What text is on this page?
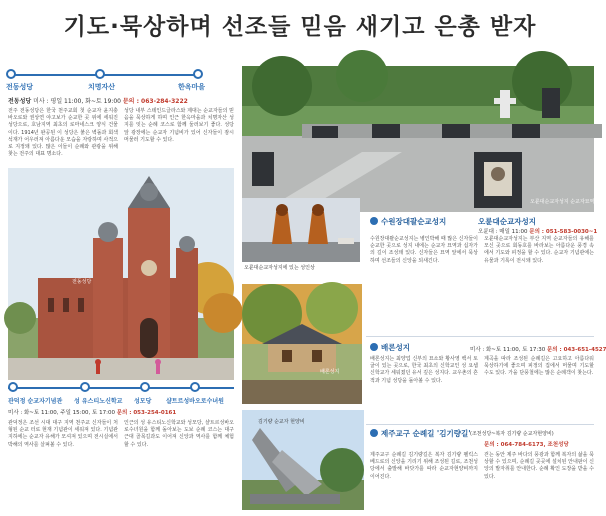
기도·묵상하며 선조들 믿음 새기고 은총 받자
전동성당	치명자산	한옥마을
전동성당 미사 : 평일 11:00, 화~토 19:00 문의 : 063-284-3222
전주 전동성당은 한국 천주교회 첫 순교자 윤지충 바오로와 권상연 야고보가 순교한 곳 위에 세워진 성당으로, 호남지역 최초의 로마네스크 양식 건물이다. 1914년 완공된 이 성당은 붉은 벽돌과 회색 석재가 어우러져 아름다운 모습을 자랑하며 사적으로 지정돼 있다. 많은 이들이 순례와 관광을 위해 찾는 전주의 대표 명소다.
성당 내부 스테인드글라스와 제대는 순교자들의 믿음을 묵상하게 하며 인근 한옥마을과 치명자산 성지를 잇는 순례 코스로 함께 둘러보기 좋다. 성당 앞 광장에는 순교자 기념비가 있어 신자들이 잠시 머물러 기도할 수 있다.
전동성당
관덕정 순교자기념관 성 유스티노신학교 성모당 샬트르성바오로수녀원
미사 : 화~토 11:00, 주일 15:00, 토 17:00 문의 : 053-254-0161
관덕정은 조선 시대 대구 지역 천주교 신자들이 처형된 순교 터로 현재 기념관이 세워져 있다. 기념관 지하에는 순교자 유해가 모셔져 있으며 전시실에서 박해의 역사를 살펴볼 수 있다.
인근의 성 유스티노신학교와 성모당, 샬트르성바오로수녀원을 함께 돌아보는 도보 순례 코스는 대구 근대 골목길과도 이어져 신앙과 역사를 함께 체험할 수 있다.
오륜대순교자성지 순교자묘역
오륜대순교자성지에 있는 성인상
수원장대괄순교성지	오륜대순교자성지
오륜대 : 매일 11:00 문의 : 051-583-0030~1
수원장대괄순교성지는 병인박해 때 많은 신자들이 순교한 곳으로 성지 내에는 순교자 묘역과 십자가의 길이 조성돼 있다. 신자들은 묘역 앞에서 묵상하며 선조들의 신앙을 되새긴다.
오륜대순교자성지는 부산 지역 순교자들의 유해를 모신 곳으로 회동호를 바라보는 아름다운 풍경 속에서 기도와 피정을 할 수 있다. 순교자 기념관에는 유물과 기록이 전시돼 있다.
배론성지
배론성지	미사 : 화~토 11:00, 토 17:30 문의 : 043-651-4527
배론성지는 최양업 신부의 묘소와 황사영 백서 토굴이 있는 곳으로, 한국 최초의 신학교인 성 요셉 신학교가 세워졌던 유서 깊은 성지다. 교우촌의 흔적과 기념 성당을 돌아볼 수 있다.
계곡을 따라 조성된 순례길은 고요하고 아름다워 묵상하기에 좋으며 피정의 집에서 머물며 기도할 수도 있다. 가을 단풍철에는 많은 순례객이 찾는다.
김기량 순교자 현양비
제주교구 순례길 '김기량길' (조천성당~복자 김기량 순교자현양비)
문의 : 064-784-6173, 조천성당
제주교구 순례길 김기량길은 복자 김기량 펠릭스 베드로의 신앙을 기리기 위해 조성된 길로, 조천성당에서 출발해 바닷가를 따라 순교자현양비까지 이어진다.
걷는 동안 제주 바다의 풍광과 함께 복자의 삶을 묵상할 수 있으며, 순례길 곳곳에 설치된 안내판이 신앙의 발자취를 안내한다. 순례 확인 도장을 받을 수 있다.
